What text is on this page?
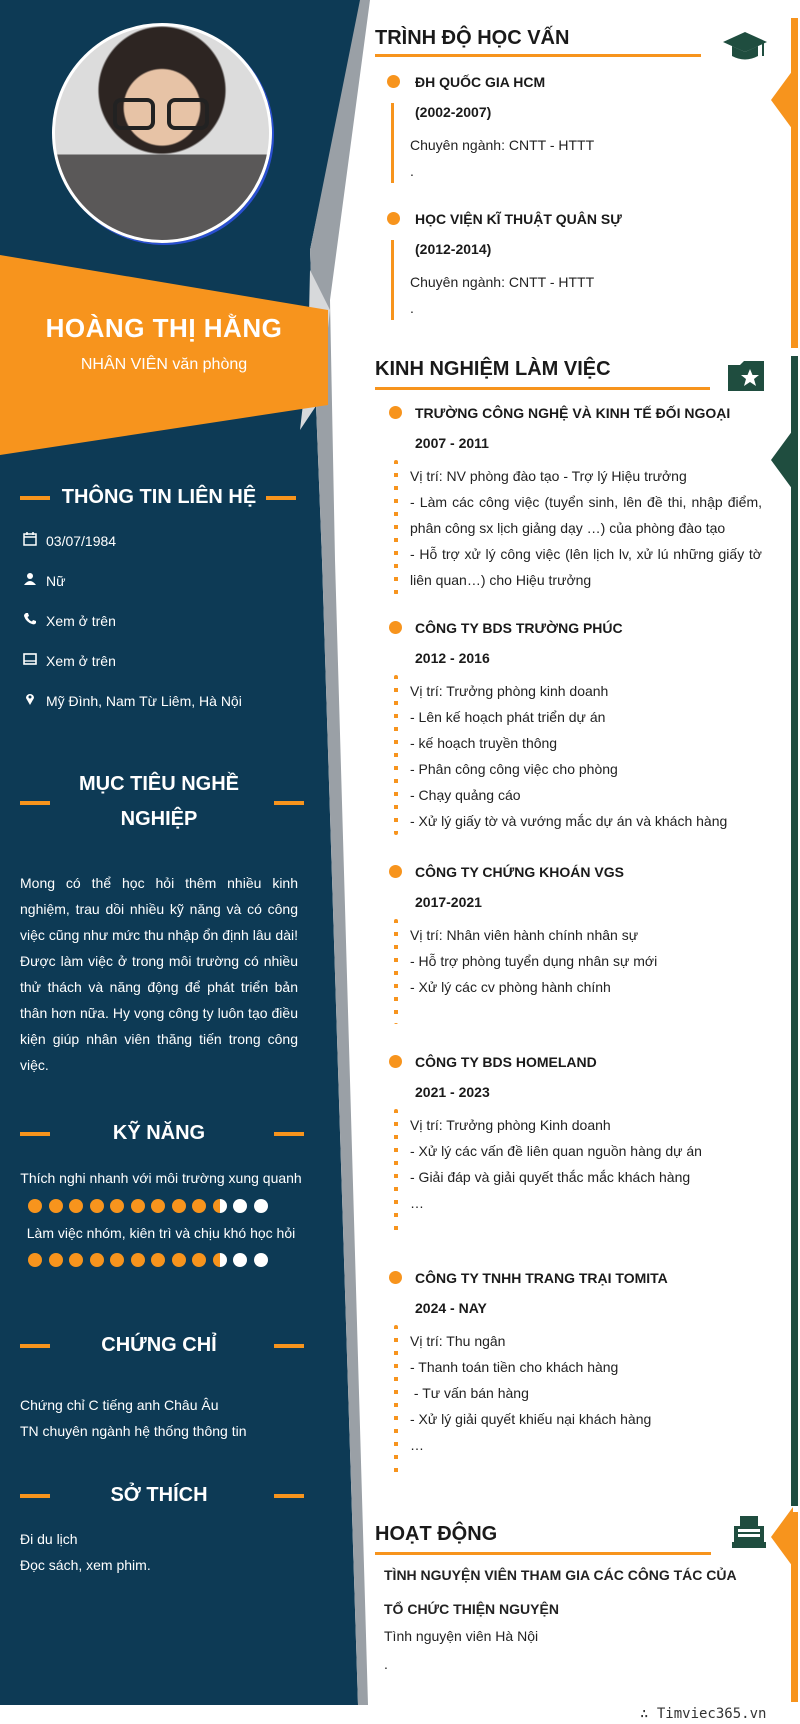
HOÀNG THỊ HẰNG
NHÂN VIÊN văn phòng
THÔNG TIN LIÊN HỆ
03/07/1984
Nữ
Xem ở trên
Xem ở trên
Mỹ Đình, Nam Từ Liêm, Hà Nội
MỤC TIÊU NGHỀ
NGHIỆP
Mong có thể học hỏi thêm nhiều kinh nghiệm, trau dồi nhiều kỹ năng và có công việc cũng như mức thu nhập ổn định lâu dài! Được làm việc ở trong môi trường có nhiều thử thách và năng động để phát triển bản thân hơn nữa. Hy vọng công ty luôn tạo điều kiện giúp nhân viên thăng tiến trong công việc.
KỸ NĂNG
Thích nghi nhanh với môi trường xung quanh
Làm việc nhóm, kiên trì và chịu khó học hỏi
CHỨNG CHỈ
Chứng chỉ C tiếng anh Châu Âu
TN chuyên ngành hệ thống thông tin
SỞ THÍCH
Đi du lịch
Đọc sách, xem phim.
TRÌNH ĐỘ HỌC VẤN
ĐH QUỐC GIA HCM
(2002-2007)
Chuyên ngành: CNTT - HTTT
.
HỌC VIỆN KĨ THUẬT QUÂN SỰ
(2012-2014)
Chuyên ngành: CNTT - HTTT
.
KINH NGHIỆM LÀM VIỆC
TRƯỜNG CÔNG NGHỆ VÀ KINH TẾ ĐỐI NGOẠI
2007 - 2011
Vị trí: NV phòng đào tạo - Trợ lý Hiệu trưởng
- Làm các công việc (tuyển sinh, lên đề thi, nhập điểm, phân công sx lịch giảng dạy …) của phòng đào tạo
- Hỗ trợ xử lý công việc (lên lịch lv, xử lú những giấy tờ liên quan…) cho Hiệu trưởng
CÔNG TY BDS TRƯỜNG PHÚC
2012 - 2016
Vị trí: Trưởng phòng kinh doanh
- Lên kế hoạch phát triển dự án
- kế hoạch truyền thông
- Phân công công việc cho phòng
- Chạy quảng cáo
- Xử lý giấy tờ và vướng mắc dự án và khách hàng
CÔNG TY CHỨNG KHOÁN VGS
2017-2021
Vị trí: Nhân viên hành chính nhân sự
- Hỗ trợ phòng tuyển dụng nhân sự mới
- Xử lý các cv phòng hành chính
CÔNG TY BDS HOMELAND
2021 - 2023
Vị trí: Trưởng phòng Kinh doanh
- Xử lý các vấn đề liên quan nguồn hàng dự án
- Giải đáp và giải quyết thắc mắc khách hàng
…
CÔNG TY TNHH TRANG TRẠI TOMITA
2024 - NAY
Vị trí: Thu ngân
- Thanh toán tiền cho khách hàng
- Tư vấn bán hàng
- Xử lý giải quyết khiếu nại khách hàng
…
HOẠT ĐỘNG
TÌNH NGUYỆN VIÊN THAM GIA CÁC CÔNG TÁC CỦA TỔ CHỨC THIỆN NGUYỆN
Tình nguyện viên Hà Nội
.
∴ Timviec365.vn
